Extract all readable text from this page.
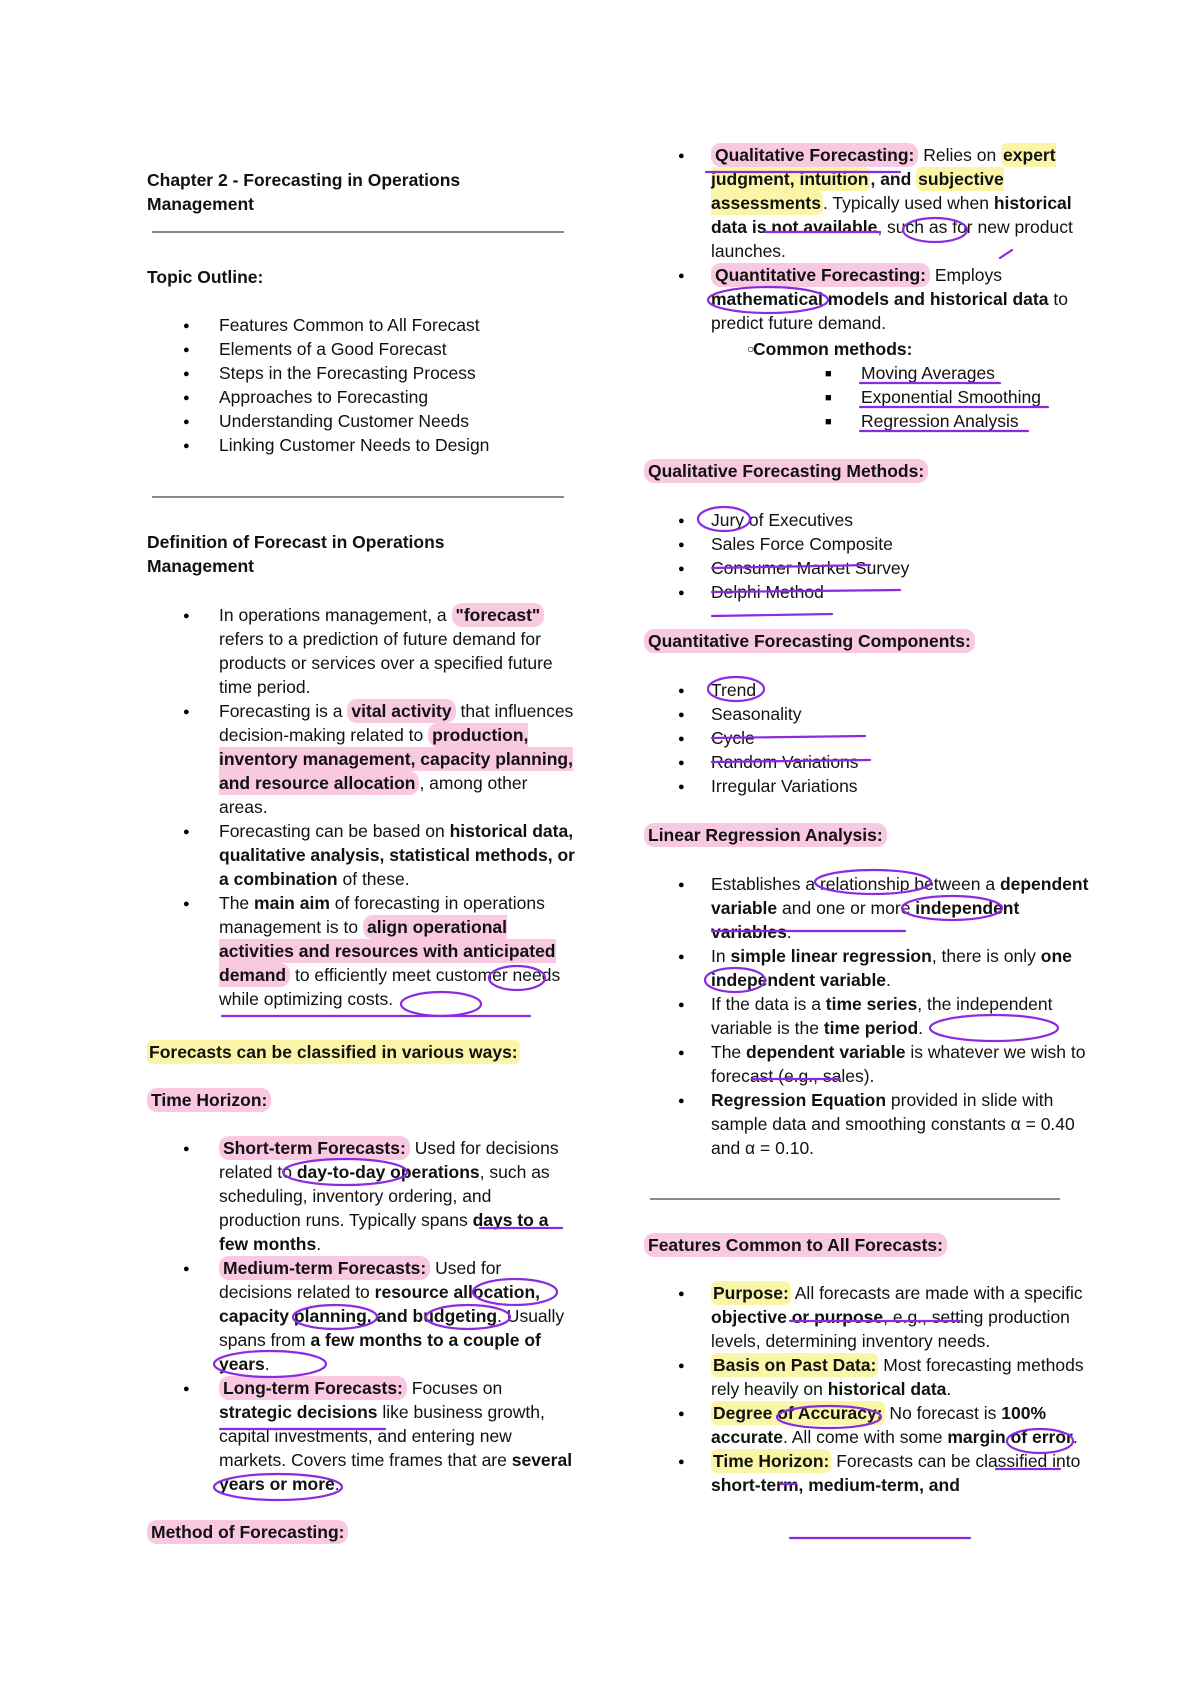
Chapter 2 - Forecasting in Operations
Management
Topic Outline:
● Features Common to All Forecast
● Elements of a Good Forecast
● Steps in the Forecasting Process
● Approaches to Forecasting
● Understanding Customer Needs
● Linking Customer Needs to Design
Definition of Forecast in Operations
Management
● In operations management, a "forecast" refers to a prediction of future demand for products or services over a specified future time period.
● Forecasting is a vital activity that influences decision-making related to production, inventory management, capacity planning, and resource allocation , among other areas.
● Forecasting can be based on historical data, qualitative analysis, statistical methods, or a combination of these.
● The main aim of forecasting in operations management is to align operational activities and resources with anticipated demand to efficiently meet customer needs while optimizing costs.
Forecasts can be classified in various ways:
Time Horizon:
● Short-term Forecasts: Used for decisions related to day-to-day operations, such as scheduling, inventory ordering, and production runs. Typically spans days to a few months.
● Medium-term Forecasts: Used for decisions related to resource allocation, capacity planning, and budgeting. Usually spans from a few months to a couple of years.
● Long-term Forecasts: Focuses on strategic decisions like business growth, capital investments, and entering new markets. Covers time frames that are several years or more.
Method of Forecasting:
● Qualitative Forecasting: Relies on expert judgment, intuition , and subjective assessments . Typically used when historical data is not available, such as for new product launches.
● Quantitative Forecasting: Employs mathematical models and historical data to predict future demand.
○ Common methods:
■ Moving Averages
■ Exponential Smoothing
■ Regression Analysis
Qualitative Forecasting Methods:
● Jury of Executives
● Sales Force Composite
● Consumer Market Survey
● Delphi Method
Quantitative Forecasting Components:
● Trend
● Seasonality
● Cycle
● Random Variations
● Irregular Variations
Linear Regression Analysis:
● Establishes a relationship between a dependent variable and one or more independent variables.
● In simple linear regression, there is only one independent variable.
● If the data is a time series, the independent variable is the time period.
● The dependent variable is whatever we wish to forecast (e.g., sales).
● Regression Equation provided in slide with sample data and smoothing constants α = 0.40 and α = 0.10.
Features Common to All Forecasts:
● Purpose: All forecasts are made with a specific objective or purpose, e.g., setting production levels, determining inventory needs.
● Basis on Past Data: Most forecasting methods rely heavily on historical data.
● Degree of Accuracy: No forecast is 100% accurate. All come with some margin of error.
● Time Horizon: Forecasts can be classified into short-term, medium-term, and
